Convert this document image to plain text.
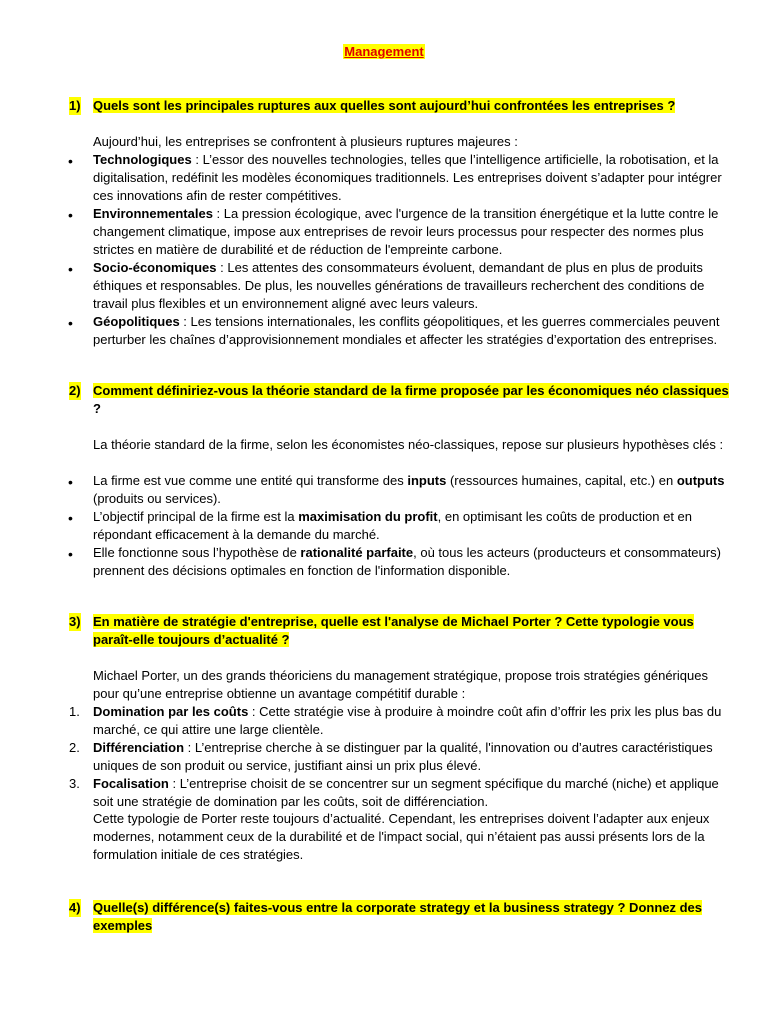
Management
1) Quels sont les principales ruptures aux quelles sont aujourd’hui confrontées les entreprises ?
Aujourd’hui, les entreprises se confrontent à plusieurs ruptures majeures :
• Technologiques : L’essor des nouvelles technologies, telles que l’intelligence artificielle, la robotisation, et la digitalisation, redéfinit les modèles économiques traditionnels. Les entreprises doivent s’adapter pour intégrer ces innovations afin de rester compétitives.
• Environnementales : La pression écologique, avec l'urgence de la transition énergétique et la lutte contre le changement climatique, impose aux entreprises de revoir leurs processus pour respecter des normes plus strictes en matière de durabilité et de réduction de l'empreinte carbone.
• Socio-économiques : Les attentes des consommateurs évoluent, demandant de plus en plus de produits éthiques et responsables. De plus, les nouvelles générations de travailleurs recherchent des conditions de travail plus flexibles et un environnement aligné avec leurs valeurs.
• Géopolitiques : Les tensions internationales, les conflits géopolitiques, et les guerres commerciales peuvent perturber les chaînes d’approvisionnement mondiales et affecter les stratégies d’exportation des entreprises.
2) Comment définiriez-vous la théorie standard de la firme proposée par les économiques néo classiques ?
La théorie standard de la firme, selon les économistes néo-classiques, repose sur plusieurs hypothèses clés :
• La firme est vue comme une entité qui transforme des inputs (ressources humaines, capital, etc.) en outputs (produits ou services).
• L’objectif principal de la firme est la maximisation du profit, en optimisant les coûts de production et en répondant efficacement à la demande du marché.
• Elle fonctionne sous l’hypothèse de rationalité parfaite, où tous les acteurs (producteurs et consommateurs) prennent des décisions optimales en fonction de l'information disponible.
3) En matière de stratégie d'entreprise, quelle est l'analyse de Michael Porter ? Cette typologie vous paraît-elle toujours d’actualité ?
Michael Porter, un des grands théoriciens du management stratégique, propose trois stratégies génériques pour qu’une entreprise obtienne un avantage compétitif durable :
1. Domination par les coûts : Cette stratégie vise à produire à moindre coût afin d’offrir les prix les plus bas du marché, ce qui attire une large clientèle.
2. Différenciation : L’entreprise cherche à se distinguer par la qualité, l'innovation ou d’autres caractéristiques uniques de son produit ou service, justifiant ainsi un prix plus élevé.
3. Focalisation : L’entreprise choisit de se concentrer sur un segment spécifique du marché (niche) et applique soit une stratégie de domination par les coûts, soit de différenciation.
Cette typologie de Porter reste toujours d’actualité. Cependant, les entreprises doivent l’adapter aux enjeux modernes, notamment ceux de la durabilité et de l'impact social, qui n’étaient pas aussi présents lors de la formulation initiale de ces stratégies.
4) Quelle(s) différence(s) faites-vous entre la corporate strategy et la business strategy ? Donnez des exemples
